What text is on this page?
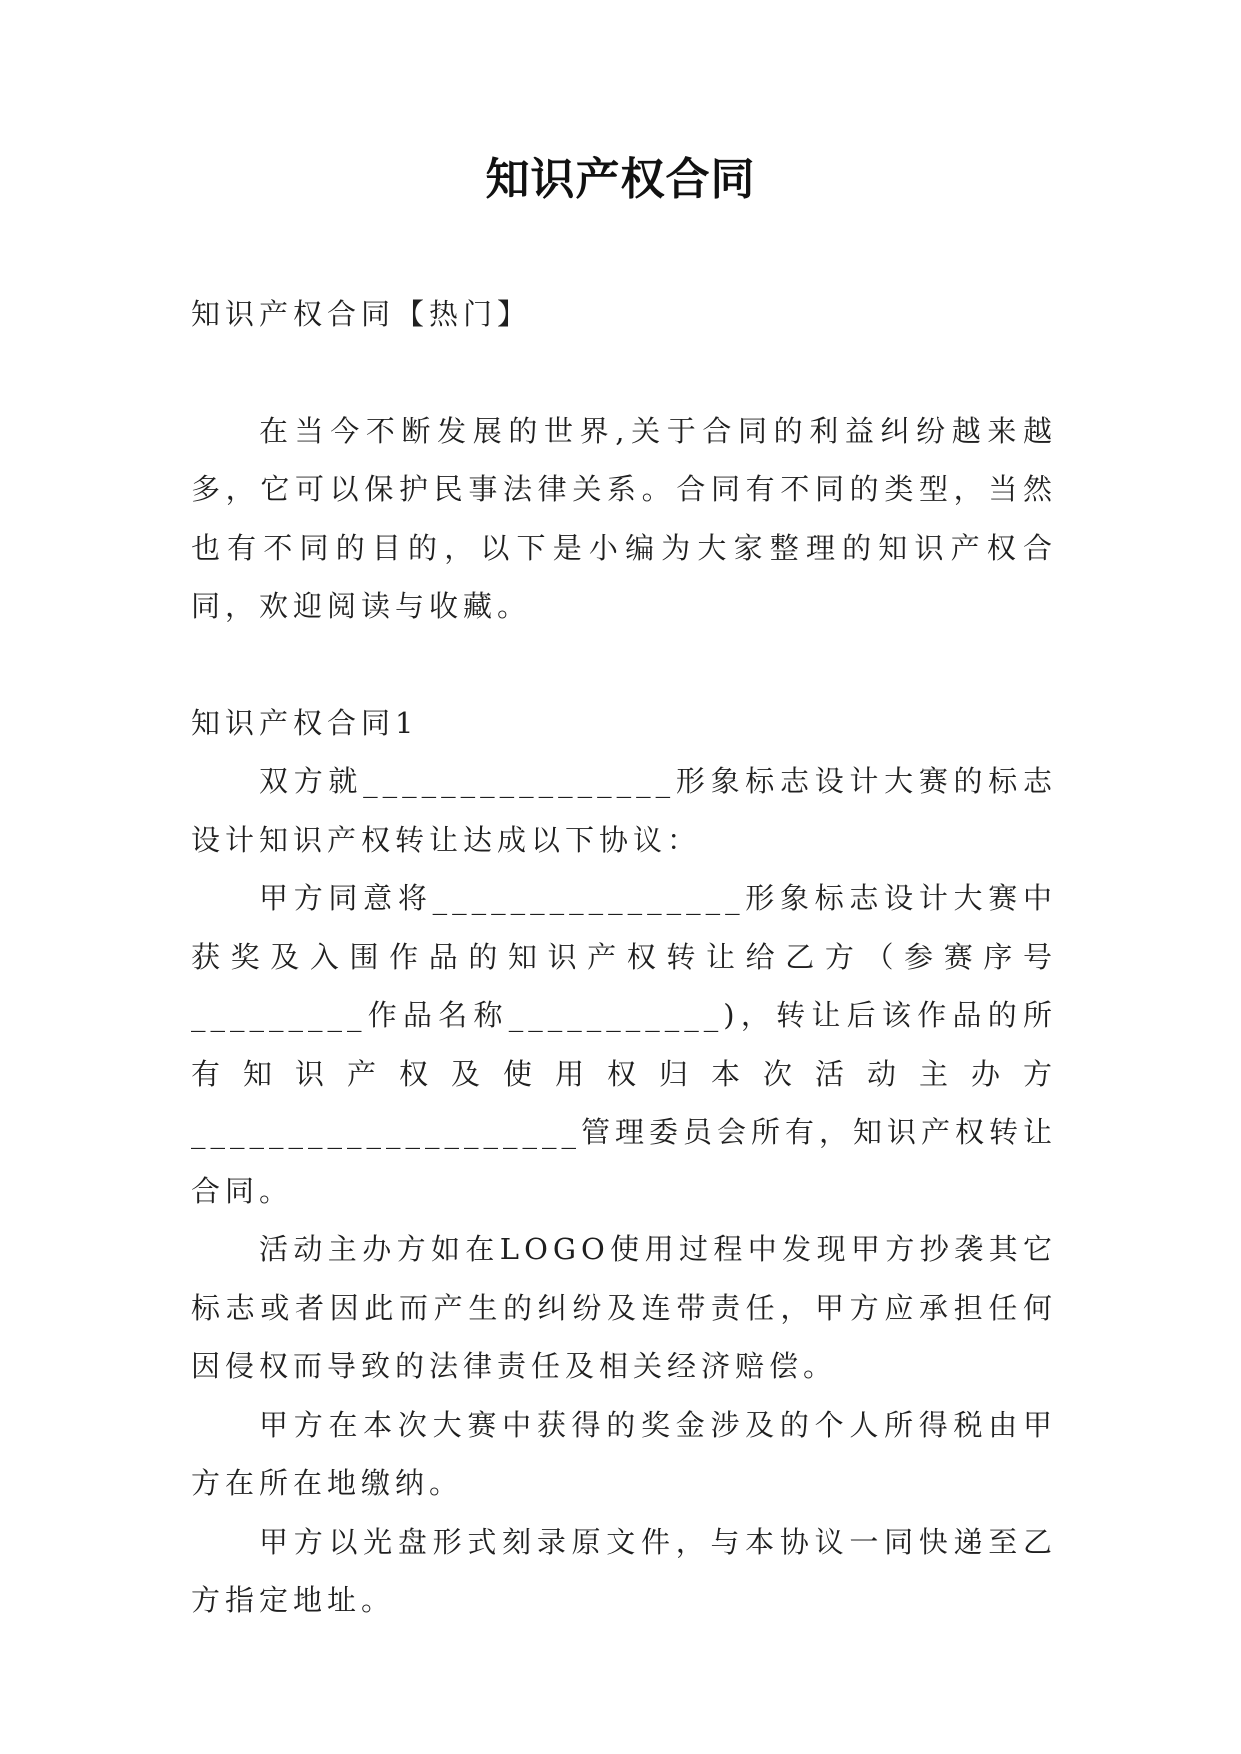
知识产权合同

知识产权合同【热门】

在当今不断发展的世界,关于合同的利益纠纷越来越多，它可以保护民事法律关系。合同有不同的类型，当然也有不同的目的，以下是小编为大家整理的知识产权合同，欢迎阅读与收藏。

知识产权合同1

双方就________________形象标志设计大赛的标志设计知识产权转让达成以下协议：

甲方同意将________________形象标志设计大赛中获奖及入围作品的知识产权转让给乙方（参赛序号_________作品名称___________)，转让后该作品的所有知识产权及使用权归本次活动主办方____________________管理委员会所有，知识产权转让合同。

活动主办方如在LOGO使用过程中发现甲方抄袭其它标志或者因此而产生的纠纷及连带责任，甲方应承担任何因侵权而导致的法律责任及相关经济赔偿。

甲方在本次大赛中获得的奖金涉及的个人所得税由甲方在所在地缴纳。

甲方以光盘形式刻录原文件，与本协议一同快递至乙方指定地址。
